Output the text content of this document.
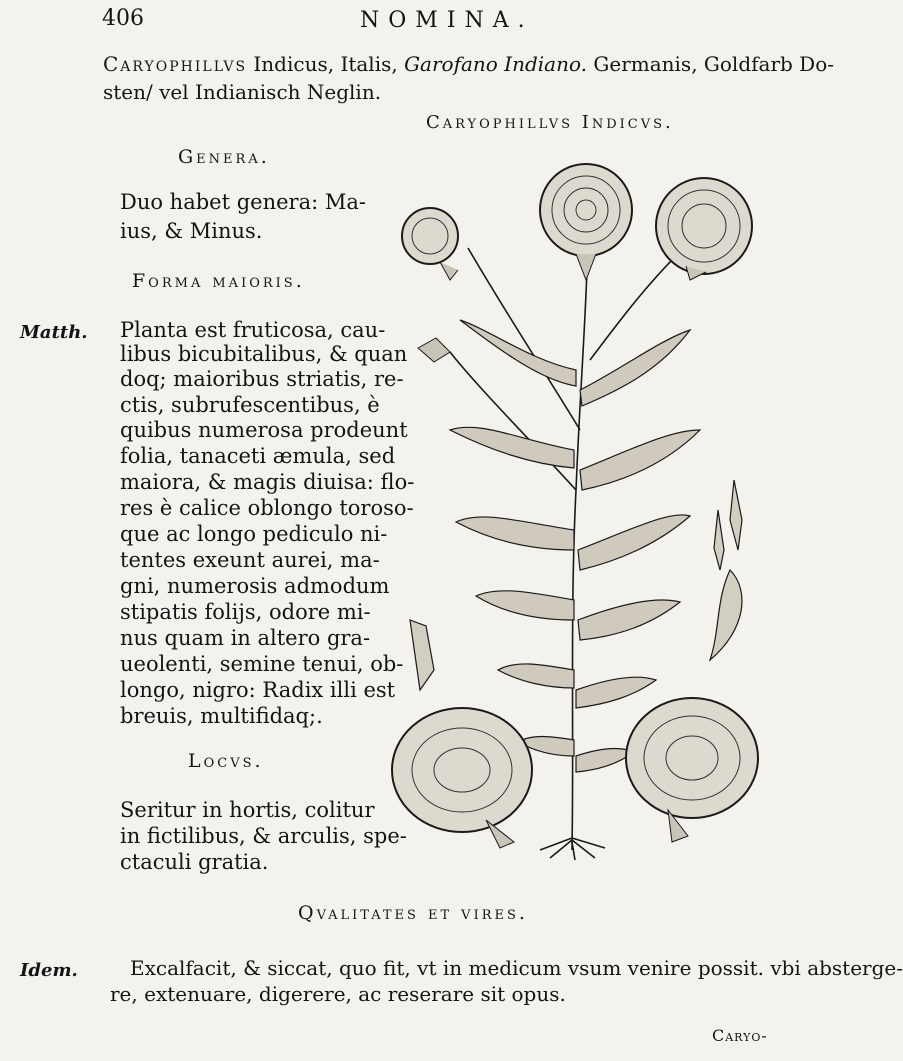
406	NOMINA.
Caryophillvs Indicus, Italis, Garofano Indiano. Germanis, Goldfarb Do-
sten/ vel Indianisch Neglin.
Caryophillvs Indicvs.
Genera.
Duo habet genera: Ma-
ius, & Minus.
Forma maioris.
Matth. Planta est fruticosa, cau-
libus bicubitalibus, & quan
doq; maioribus striatis, re-
ctis, subrufescentibus, è
quibus numerosa prodeunt
folia, tanaceti æmula, sed
maiora, & magis diuisa: flo-
res è calice oblongo toroso-
que ac longo pediculo ni-
tentes exeunt aurei, ma-
gni, numerosis admodum
stipatis folijs, odore mi-
nus quam in altero gra-
ueolenti, semine tenui, ob-
longo, nigro: Radix illi est
breuis, multifidaq;.
Locvs.
Seritur in hortis, colitur
in fictilibus, & arculis, spe-
ctaculi gratia.
Qvalitates et vires.
Idem.	Excalfacit, & siccat, quo fit, vt in medicum vsum venire possit. vbi absterge-
re, extenuare, digerere, ac reserare sit opus.
Caryo-
